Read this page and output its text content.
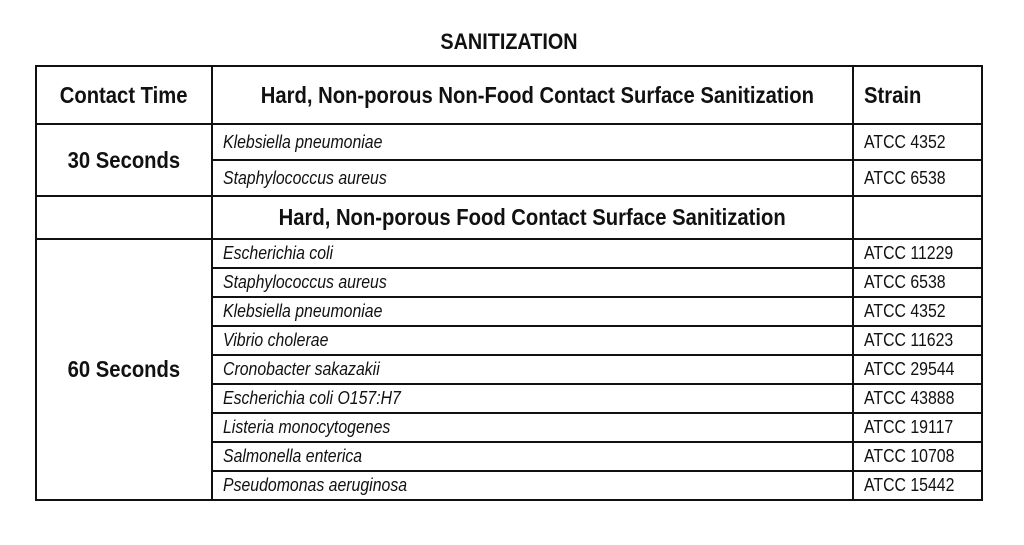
SANITIZATION
Contact Time	Hard, Non-porous Non-Food Contact Surface Sanitization	Strain
30 Seconds	Klebsiella pneumoniae	ATCC 4352
	Staphylococcus aureus	ATCC 6538
	Hard, Non-porous Food Contact Surface Sanitization	
60 Seconds	Escherichia coli	ATCC 11229
	Staphylococcus aureus	ATCC 6538
	Klebsiella pneumoniae	ATCC 4352
	Vibrio cholerae	ATCC 11623
	Cronobacter sakazakii	ATCC 29544
	Escherichia coli O157:H7	ATCC 43888
	Listeria monocytogenes	ATCC 19117
	Salmonella enterica	ATCC 10708
	Pseudomonas aeruginosa	ATCC 15442
